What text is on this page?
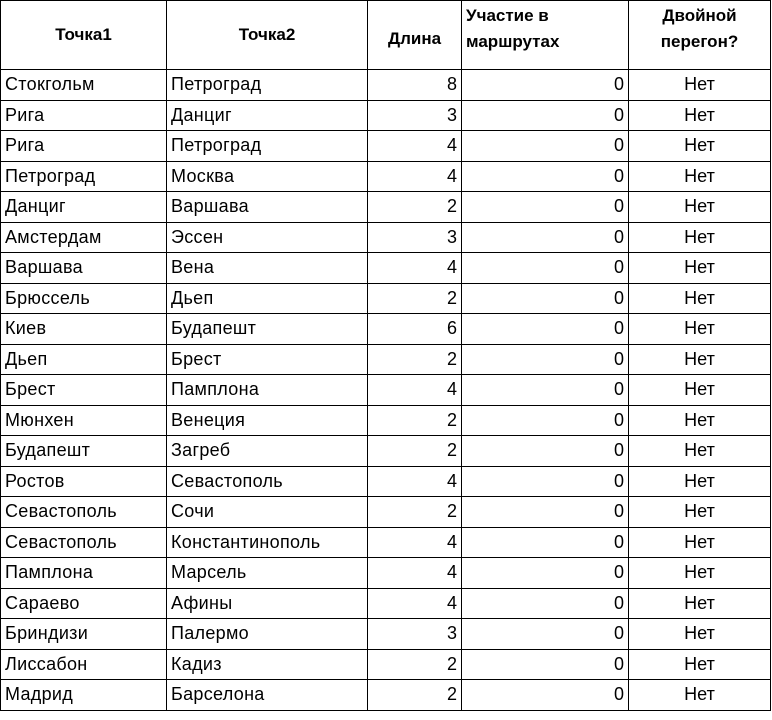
Точка1	Точка2	Длина	Участие в маршрутах	Двойной перегон?
Стокгольм	Петроград	8	0	Нет
Рига	Данциг	3	0	Нет
Рига	Петроград	4	0	Нет
Петроград	Москва	4	0	Нет
Данциг	Варшава	2	0	Нет
Амстердам	Эссен	3	0	Нет
Варшава	Вена	4	0	Нет
Брюссель	Дьеп	2	0	Нет
Киев	Будапешт	6	0	Нет
Дьеп	Брест	2	0	Нет
Брест	Памплона	4	0	Нет
Мюнхен	Венеция	2	0	Нет
Будапешт	Загреб	2	0	Нет
Ростов	Севастополь	4	0	Нет
Севастополь	Сочи	2	0	Нет
Севастополь	Константинополь	4	0	Нет
Памплона	Марсель	4	0	Нет
Сараево	Афины	4	0	Нет
Бриндизи	Палермо	3	0	Нет
Лиссабон	Кадиз	2	0	Нет
Мадрид	Барселона	2	0	Нет
